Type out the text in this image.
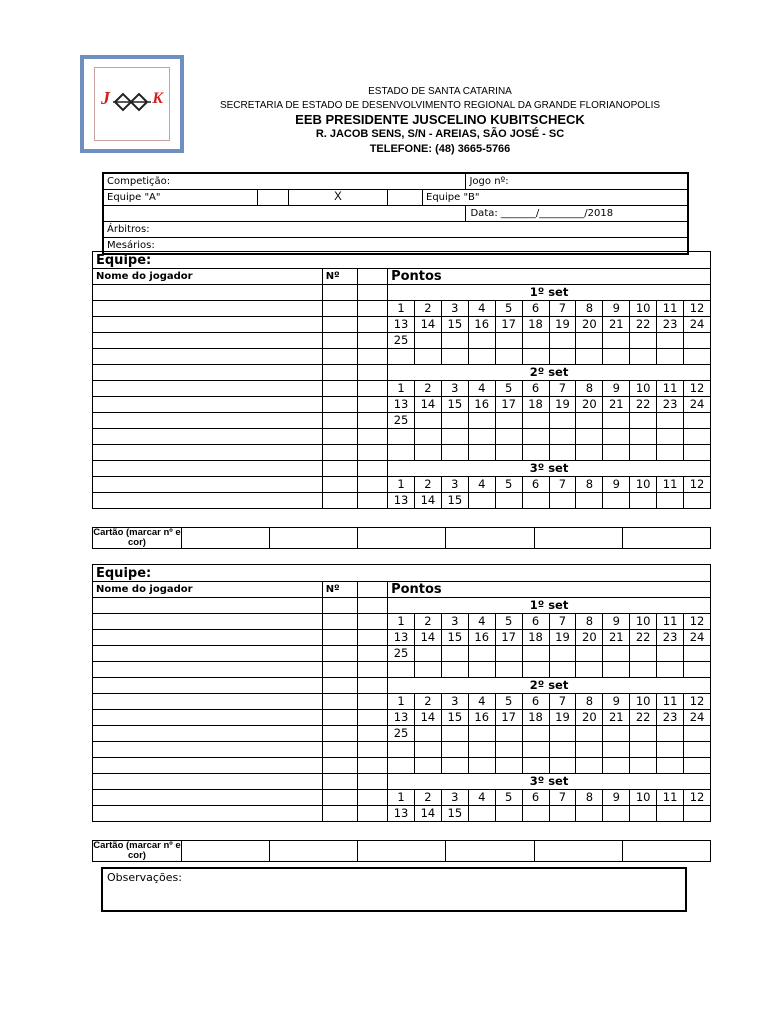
J	K	ESTADO DE SANTA CATARINA
SECRETARIA DE ESTADO DE DESENVOLVIMENTO REGIONAL DA GRANDE FLORIANOPOLIS
EEB PRESIDENTE JUSCELINO KUBITSCHECK
R. JACOB SENS, S/N - AREIAS, SÃO JOSÉ - SC
TELEFONE: (48) 3665-5766
Competição:					Jogo nº:
Equipe "A"		X		Equipe "B"	
					Data: _______/_________/2018
Árbitros:					
Mesários:					
Equipe:														
Nome do jogador	Nº		Pontos											
			1º set											
			1	2	3	4	5	6	7	8	9	10	11	12
			13	14	15	16	17	18	19	20	21	22	23	24
			25											

			2º set											
			1	2	3	4	5	6	7	8	9	10	11	12
			13	14	15	16	17	18	19	20	21	22	23	24
			25											

			3º set											
			1	2	3	4	5	6	7	8	9	10	11	12
			13	14	15									
Cartão (marcar nº e cor)						
Equipe:														
Nome do jogador	Nº		Pontos											
			1º set											
			1	2	3	4	5	6	7	8	9	10	11	12
			13	14	15	16	17	18	19	20	21	22	23	24
			25											

			2º set											
			1	2	3	4	5	6	7	8	9	10	11	12
			13	14	15	16	17	18	19	20	21	22	23	24
			25											

			3º set											
			1	2	3	4	5	6	7	8	9	10	11	12
			13	14	15									
Cartão (marcar nº e cor)						
Observações:
